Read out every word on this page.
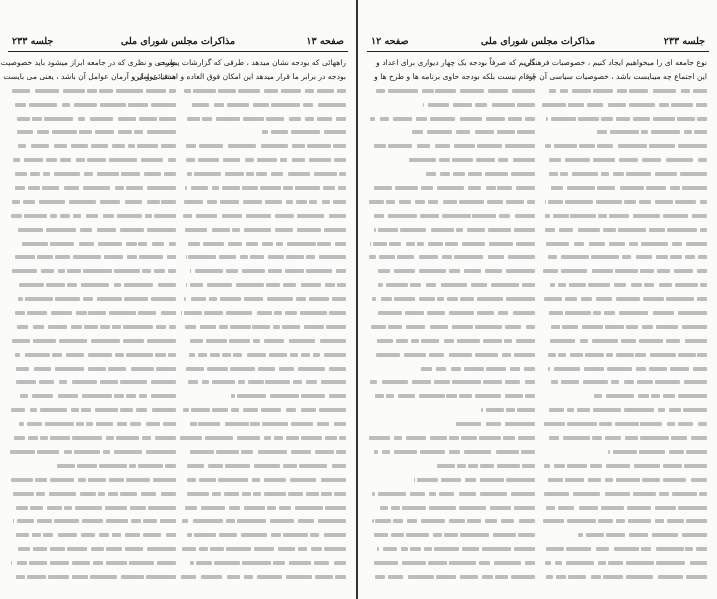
صفحه ۱۳
مذاکرات مجلس شورای ملی
جلسه ۲۳۳
راههائی که بودجه نشان میدهد ، طرقی که گزارشات پیوست
بودجه در برابر ما قرار میدهد این امکان فوق العاده و استثنائی و این
طرحی و نظری که در جامعه ابراز میشود باید خصوصیت
هدف عوامل و آرمان عوامل آن باشد ، یعنی می بایست
جلسه ۲۳۳
مذاکرات مجلس شورای ملی
صفحه ۱۲
نوع جامعه ای را میخواهیم ایجاد کنیم ، خصوصیات فرهنگی
این اجتماع چه میبایست باشد ، خصوصیات سیاسی آن چه
داریم که صرفاً بودجه یک چهار دیواری برای اعداد و
ارقام نیست بلکه بودجه حاوی برنامه ها و طرح ها و
